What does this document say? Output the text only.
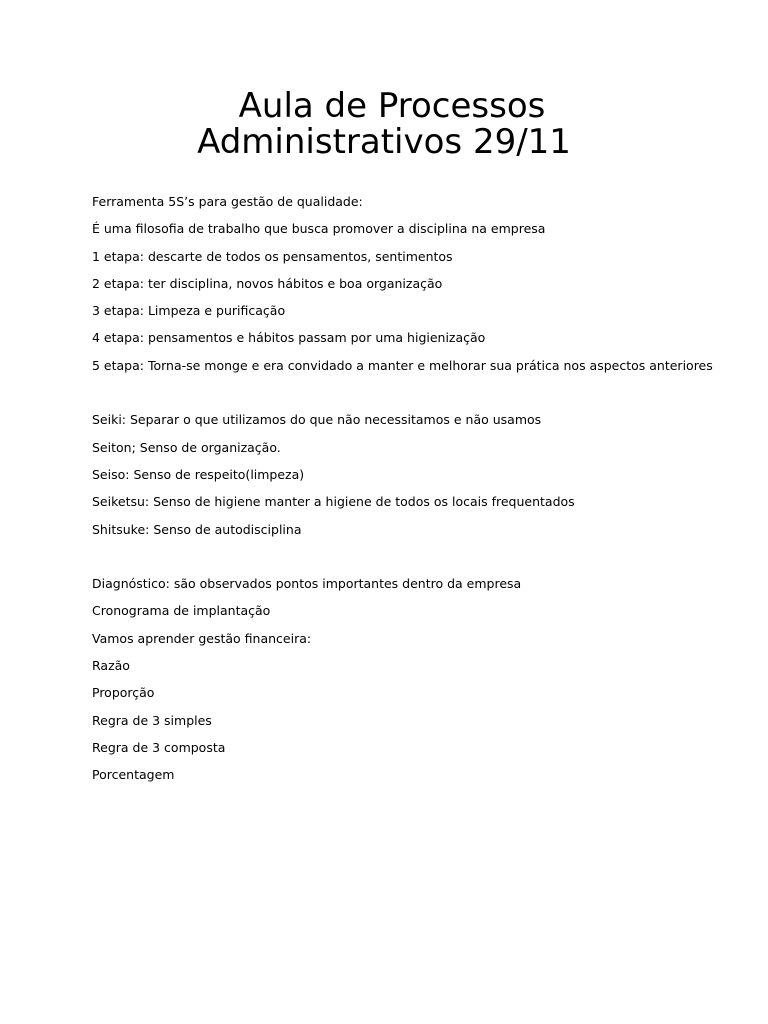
Aula de Processos
Administrativos 29/11
Ferramenta 5S’s para gestão de qualidade:
É uma filosofia de trabalho que busca promover a disciplina na empresa
1 etapa: descarte de todos os pensamentos, sentimentos
2 etapa: ter disciplina, novos hábitos e boa organização
3 etapa: Limpeza e purificação
4 etapa: pensamentos e hábitos passam por uma higienização
5 etapa: Torna-se monge e era convidado a manter e melhorar sua prática nos aspectos anteriores
Seiki: Separar o que utilizamos do que não necessitamos e não usamos
Seiton; Senso de organização.
Seiso: Senso de respeito(limpeza)
Seiketsu: Senso de higiene manter a higiene de todos os locais frequentados
Shitsuke: Senso de autodisciplina
Diagnóstico: são observados pontos importantes dentro da empresa
Cronograma de implantação
Vamos aprender gestão financeira:
Razão
Proporção
Regra de 3 simples
Regra de 3 composta
Porcentagem
